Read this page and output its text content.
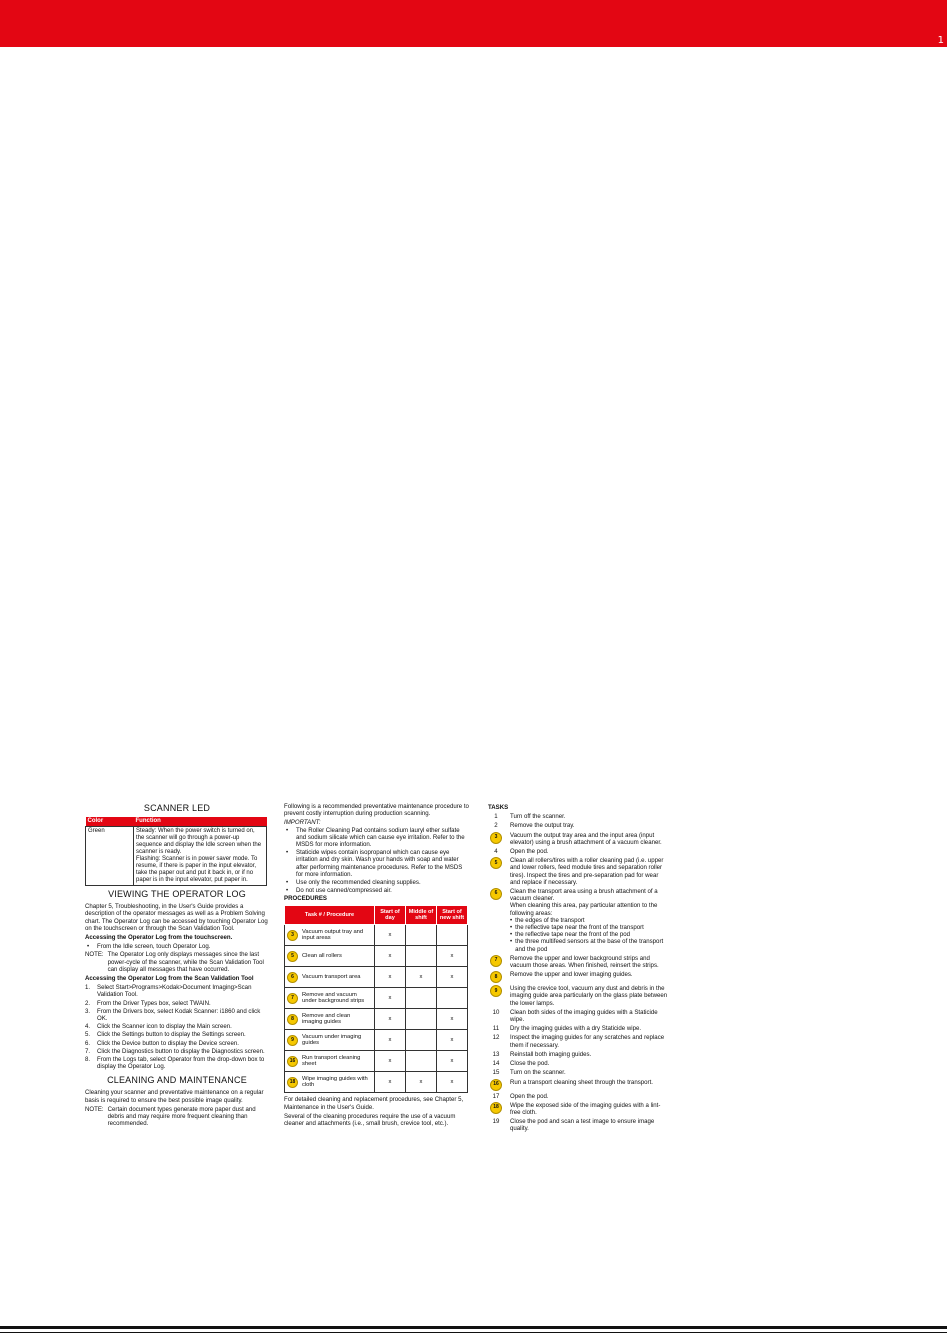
1
SCANNER LED
Color	Function
Green	Steady: When the power switch is turned on, the scanner will go through a power-up sequence and display the Idle screen when the scanner is ready.
Flashing: Scanner is in power saver mode. To resume, if there is paper in the input elevator, take the paper out and put it back in, or if no paper is in the input elevator, put paper in.
VIEWING THE OPERATOR LOG

Chapter 5, Troubleshooting, in the User's Guide provides a description of the operator messages as well as a Problem Solving chart. The Operator Log can be accessed by touching Operator Log on the touchscreen or through the Scan Validation Tool.

Accessing the Operator Log from the touchscreen.
•	From the Idle screen, touch Operator Log.
NOTE: The Operator Log only displays messages since the last power-cycle of the scanner, while the Scan Validation Tool can display all messages that have occurred.
Accessing the Operator Log from the Scan Validation Tool
1.	Select Start>Programs>Kodak>Document Imaging>Scan Validation Tool.
2.	From the Driver Types box, select TWAIN.
3.	From the Drivers box, select Kodak Scanner: i1860 and click OK.
4.	Click the Scanner icon to display the Main screen.
5.	Click the Settings button to display the Settings screen.
6.	Click the Device button to display the Device screen.
7.	Click the Diagnostics button to display the Diagnostics screen.
8.	From the Logs tab, select Operator from the drop-down box to display the Operator Log.
CLEANING AND MAINTENANCE

Cleaning your scanner and preventative maintenance on a regular basis is required to ensure the best possible image quality.

NOTE: Certain document types generate more paper dust and debris and may require more frequent cleaning than recommended.

Following is a recommended preventative maintenance procedure to prevent costly interruption during production scanning.

IMPORTANT:
•	The Roller Cleaning Pad contains sodium lauryl ether sulfate and sodium silicate which can cause eye irritation. Refer to the MSDS for more information.
•	Staticide wipes contain isopropanol which can cause eye irritation and dry skin. Wash your hands with soap and water after performing maintenance procedures. Refer to the MSDS for more information.
•	Use only the recommended cleaning supplies.
•	Do not use canned/compressed air.
PROCEDURES
Task # / Procedure	Start of day	Middle of shift	Start of new shift

3
Vacuum output tray and input areas	x		

5 Clean all rollers	x		x

6 Vacuum transport area	x	x	x

7
Remove and vacuum under background strips	x		

8
Remove and clean imaging guides	x		x

9
Vacuum under imaging guides	x		x

16
Run transport cleaning sheet	x		x

18
Wipe imaging guides with cloth	x	x	x

For detailed cleaning and replacement procedures, see Chapter 5, Maintenance in the User's Guide.

Several of the cleaning procedures require the use of a vacuum cleaner and attachments (i.e., small brush, crevice tool, etc.).

TASKS
1	Turn off the scanner.
2	Remove the output tray.
3	Vacuum the output tray area and the input area (input elevator) using a brush attachment of a vacuum cleaner.
4	Open the pod.
5	Clean all rollers/tires with a roller cleaning pad (i.e. upper and lower rollers, feed module tires and separation roller tires). Inspect the tires and pre-separation pad for wear and replace if necessary.
6	Clean the transport area using a brush attachment of a vacuum cleaner.
When cleaning this area, pay particular attention to the following areas:
• the edges of the transport
• the reflective tape near the front of the transport
• the reflective tape near the front of the pod
• the three multifeed sensors at the base of the transport and the pod
7	Remove the upper and lower background strips and vacuum those areas. When finished, reinsert the strips.
8	Remove the upper and lower imaging guides.
9	Using the crevice tool, vacuum any dust and debris in the imaging guide area particularly on the glass plate between the lower lamps.
10	Clean both sides of the imaging guides with a Staticide wipe.
11	Dry the imaging guides with a dry Staticide wipe.
12	Inspect the imaging guides for any scratches and replace them if necessary.
13	Reinstall both imaging guides.
14	Close the pod.
15	Turn on the scanner.
16	Run a transport cleaning sheet through the transport.
17	Open the pod.
18	Wipe the exposed side of the imaging guides with a lint-free cloth.
19	Close the pod and scan a test image to ensure image quality.
